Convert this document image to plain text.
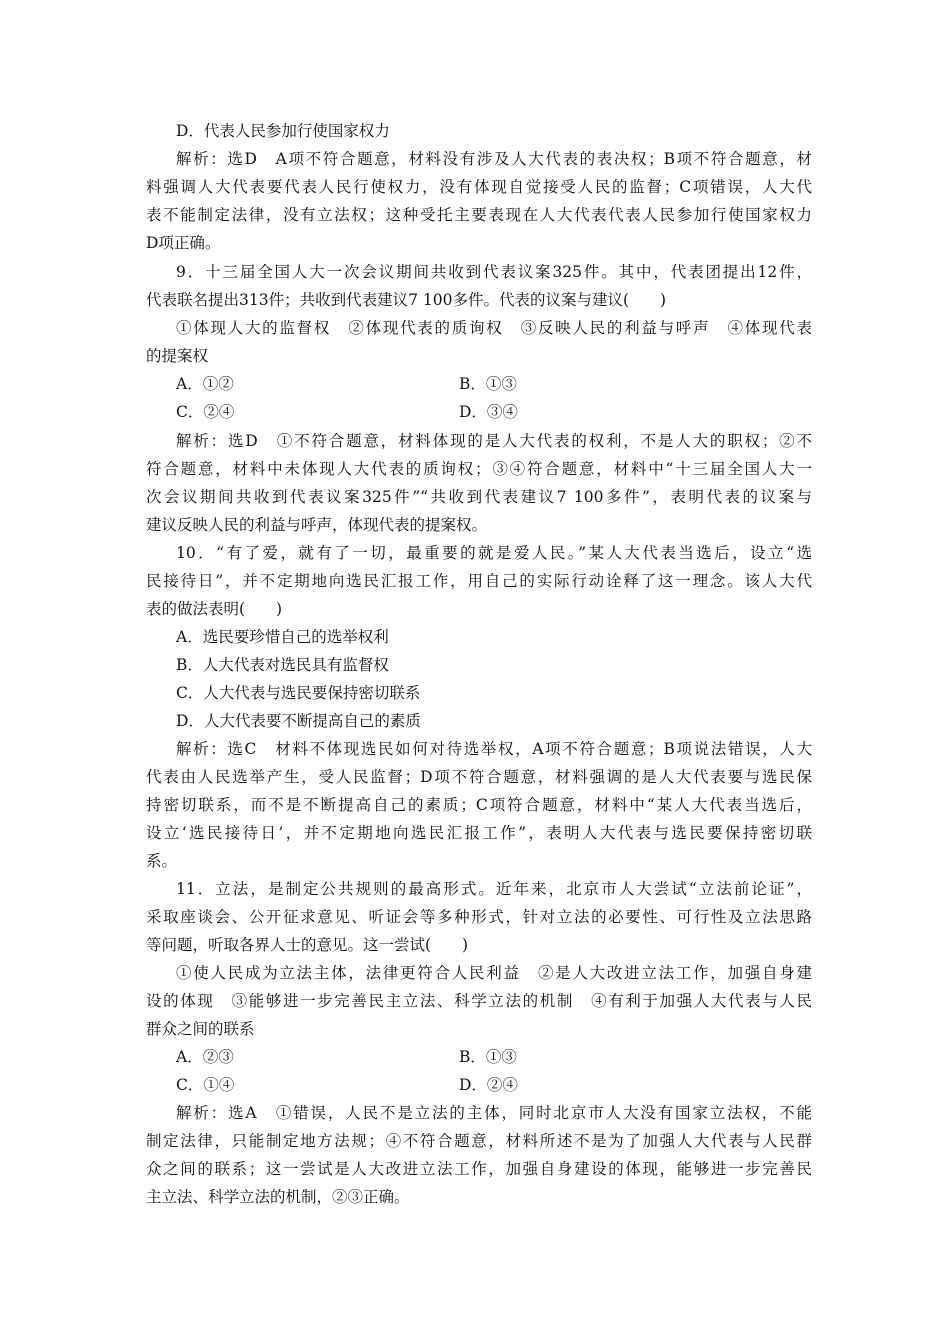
D．代表人民参加行使国家权力
解析：选D　A项不符合题意，材料没有涉及人大代表的表决权；B项不符合题意，材
料强调人大代表要代表人民行使权力，没有体现自觉接受人民的监督；C项错误，人大代
表不能制定法律，没有立法权；这种受托主要表现在人大代表代表人民参加行使国家权力
D项正确。
9．十三届全国人大一次会议期间共收到代表议案325件。其中，代表团提出12件，
代表联名提出313件；共收到代表建议7 100多件。代表的议案与建议(　　)
①体现人大的监督权　②体现代表的质询权　③反映人民的利益与呼声　④体现代表
的提案权
解析：选D　①不符合题意，材料体现的是人大代表的权利，不是人大的职权；②不
符合题意，材料中未体现人大代表的质询权；③④符合题意，材料中“十三届全国人大一
次会议期间共收到代表议案325件”“共收到代表建议7 100多件”，表明代表的议案与
建议反映人民的利益与呼声，体现代表的提案权。
10．“有了爱，就有了一切，最重要的就是爱人民。”某人大代表当选后，设立“选
民接待日”，并不定期地向选民汇报工作，用自己的实际行动诠释了这一理念。该人大代
表的做法表明(　　)
A．选民要珍惜自己的选举权利
B．人大代表对选民具有监督权
C．人大代表与选民要保持密切联系
D．人大代表要不断提高自己的素质
解析：选C　材料不体现选民如何对待选举权，A项不符合题意；B项说法错误，人大
代表由人民选举产生，受人民监督；D项不符合题意，材料强调的是人大代表要与选民保
持密切联系，而不是不断提高自己的素质；C项符合题意，材料中“某人大代表当选后，
设立‘选民接待日’，并不定期地向选民汇报工作”，表明人大代表与选民要保持密切联
系。
11．立法，是制定公共规则的最高形式。近年来，北京市人大尝试“立法前论证”，
采取座谈会、公开征求意见、听证会等多种形式，针对立法的必要性、可行性及立法思路
等问题，听取各界人士的意见。这一尝试(　　)
①使人民成为立法主体，法律更符合人民利益　②是人大改进立法工作，加强自身建
设的体现　③能够进一步完善民主立法、科学立法的机制　④有利于加强人大代表与人民
群众之间的联系
解析：选A　①错误，人民不是立法的主体，同时北京市人大没有国家立法权，不能
制定法律，只能制定地方法规；④不符合题意，材料所述不是为了加强人大代表与人民群
众之间的联系；这一尝试是人大改进立法工作，加强自身建设的体现，能够进一步完善民
主立法、科学立法的机制，②③正确。
A．①②	B．①③
C．②④	D．③④
A．②③	B．①③
C．①④	D．②④
